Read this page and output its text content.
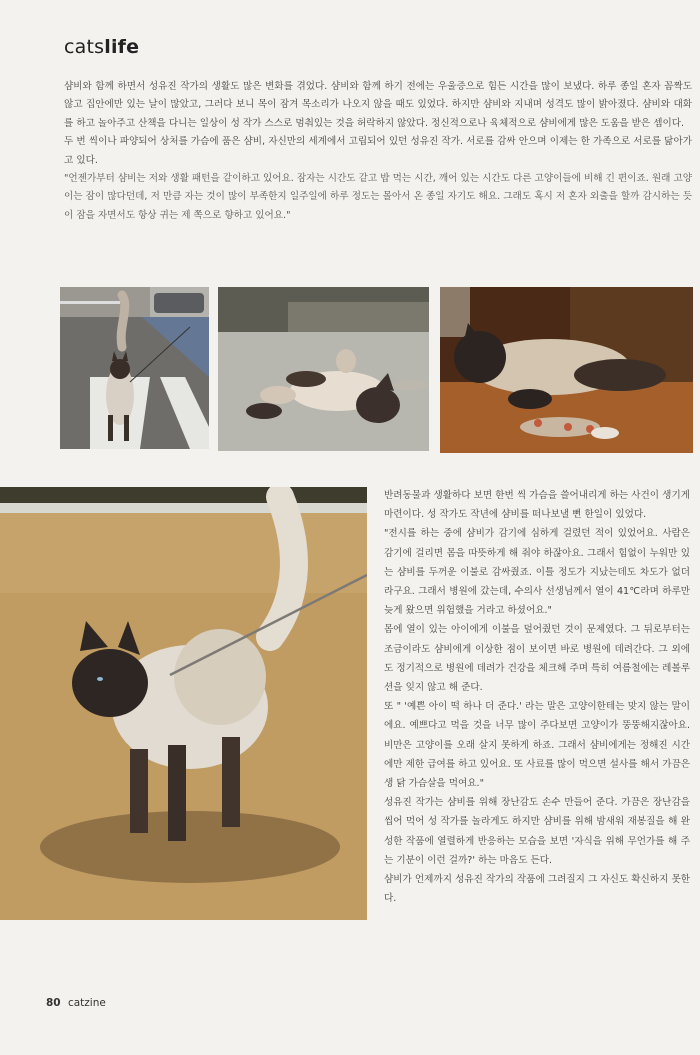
catslife

샴비와 함께 하면서 성유진 작가의 생활도 많은 변화를 겪었다. 샴비와 함께 하기 전에는 우울증으로 힘든 시간을 많이 보냈다. 하루 종일 혼자 꼼짝도 않고 집안에만 있는 날이 많았고, 그러다 보니 목이 잠겨 목소리가 나오지 않을 때도 있었다. 하지만 샴비와 지내며 성격도 많이 밝아졌다. 샴비와 대화를 하고 놀아주고 산책을 다니는 일상이 성 작가 스스로 멈춰있는 것을 허락하지 않았다. 정신적으로나 육체적으로 샴비에게 많은 도움을 받은 셈이다.

두 번 씩이나 파양되어 상처를 가슴에 품은 샴비, 자신만의 세계에서 고립되어 있던 성유진 작가. 서로를 감싸 안으며 이제는 한 가족으로 서로를 닮아가고 있다.

"언젠가부터 샴비는 저와 생활 패턴을 같이하고 있어요. 잠자는 시간도 같고 밥 먹는 시간, 깨어 있는 시간도 다른 고양이들에 비해 긴 편이죠. 원래 고양이는 잠이 많다던데, 저 만큼 자는 것이 많이 부족한지 일주일에 하루 정도는 몰아서 온 종일 자기도 해요. 그래도 혹시 저 혼자 외출을 할까 감시하는 듯이 잠을 자면서도 항상 귀는 제 쪽으로 향하고 있어요."

반려동물과 생활하다 보면 한번 씩 가슴을 쓸어내리게 하는 사건이 생기게 마련이다. 성 작가도 작년에 샴비를 떠나보낼 뻔 한일이 있었다.

"전시를 하는 중에 샴비가 감기에 심하게 걸렸던 적이 있었어요. 사람은 감기에 걸리면 몸을 따뜻하게 해 줘야 하잖아요. 그래서 힘없이 누워만 있는 샴비를 두꺼운 이불로 감싸줬죠. 이틀 정도가 지났는데도 차도가 없더라구요. 그래서 병원에 갔는데, 수의사 선생님께서 열이 41℃라며 하루만 늦게 왔으면 위험했을 거라고 하셨어요."

몸에 열이 있는 아이에게 이불을 덮어줬던 것이 문제였다. 그 뒤로부터는 조금이라도 샴비에게 이상한 점이 보이면 바로 병원에 데려간다. 그 외에도 정기적으로 병원에 데려가 건강을 체크해 주며 특히 여름철에는 레볼루션을 잊지 않고 해 준다.

또 " '예쁜 아이 떡 하나 더 준다.' 라는 말은 고양이한테는 맞지 않는 말이에요. 예쁘다고 먹을 것을 너무 많이 주다보면 고양이가 뚱뚱해지잖아요. 비만은 고양이를 오래 살지 못하게 하죠. 그래서 샴비에게는 정해진 시간에만 제한 급여를 하고 있어요. 또 사료를 많이 먹으면 설사를 해서 가끔은 생 닭 가슴살을 먹여요."

성유진 작가는 샴비를 위해 장난감도 손수 만들어 준다. 가끔은 장난감을 씹어 먹어 성 작가를 놀라게도 하지만 샴비를 위해 밤새워 재봉질을 해 완성한 작품에 열렬하게 반응하는 모습을 보면 '자식을 위해 무언가를 해 주는 기분이 이런 걸까?' 하는 마음도 든다.

샴비가 언제까지 성유진 작가의 작품에 그려질지 그 자신도 확신하지 못한다.

80 catzine
